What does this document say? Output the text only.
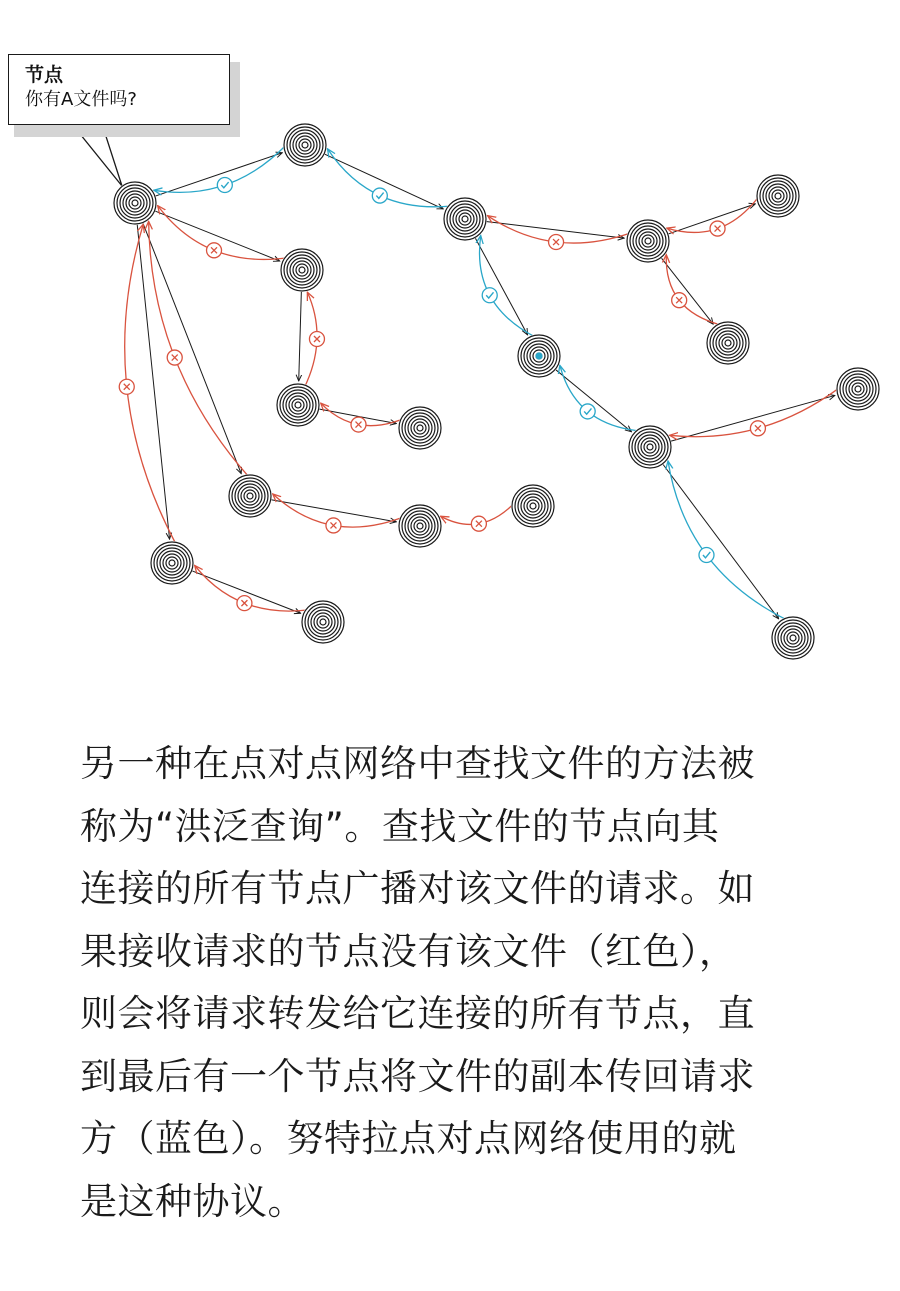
节点
你有A文件吗?
另一种在点对点网络中查找文件的方法被
称为“洪泛查询”。查找文件的节点向其
连接的所有节点广播对该文件的请求。如
果接收请求的节点没有该文件（红色），
则会将请求转发给它连接的所有节点，直
到最后有一个节点将文件的副本传回请求
方（蓝色）。努特拉点对点网络使用的就
是这种协议。
